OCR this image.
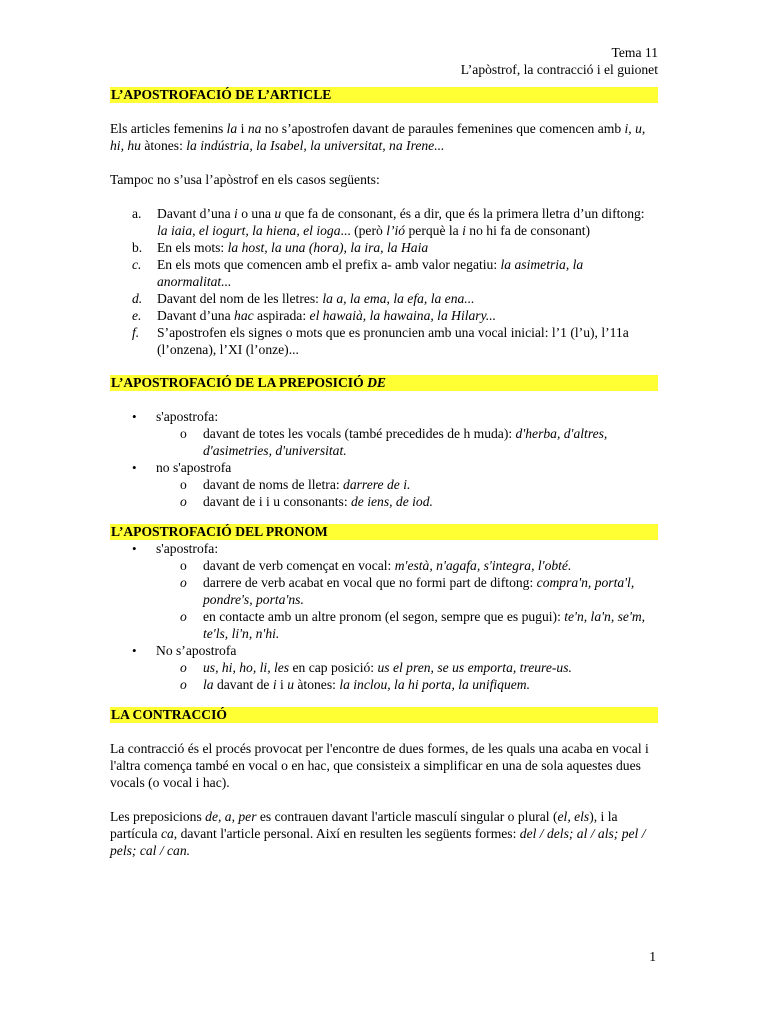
Tema 11
L’apòstrof, la contracció i el guionet
L’APOSTROFACIÓ DE L’ARTICLE

Els articles femenins la i na no s’apostrofen davant de paraules femenines que comencen amb i, u, hi, hu àtones: la indústria, la Isabel, la universitat, na Irene...

Tampoc no s’usa l’apòstrof en els casos següents:

a. Davant d’una i o una u que fa de consonant, és a dir, que és la primera lletra d’un diftong: la iaia, el iogurt, la hiena, el ioga... (però l’ió perquè la i no hi fa de consonant)
b. En els mots: la host, la una (hora), la ira, la Haia
c. En els mots que comencen amb el prefix a- amb valor negatiu: la asimetria, la anormalitat...
d. Davant del nom de les lletres: la a, la ema, la efa, la ena...
e. Davant d’una hac aspirada: el hawaià, la hawaina, la Hilary...
f. S’apostrofen els signes o mots que es pronuncien amb una vocal inicial: l’1 (l’u), l’11a (l’onzena), l’XI (l’onze)...
L’APOSTROFACIÓ DE LA PREPOSICIÓ DE
• s'apostrofa:
o davant de totes les vocals (també precedides de h muda): d'herba, d'altres, d'asimetries, d'universitat.
• no s'apostrofa
o davant de noms de lletra: darrere de i.
o davant de i i u consonants: de iens, de iod.
L’APOSTROFACIÓ DEL PRONOM
• s'apostrofa:
o davant de verb començat en vocal: m'està, n'agafa, s'integra, l'obté.
o darrere de verb acabat en vocal que no formi part de diftong: compra'n, porta'l, pondre's, porta'ns.
o en contacte amb un altre pronom (el segon, sempre que es pugui): te'n, la'n, se'm, te'ls, li'n, n'hi.
• No s’apostrofa
o us, hi, ho, li, les en cap posició: us el pren, se us emporta, treure-us.
o la davant de i i u àtones: la inclou, la hi porta, la unifiquem.
LA CONTRACCIÓ

La contracció és el procés provocat per l'encontre de dues formes, de les quals una acaba en vocal i l'altra comença també en vocal o en hac, que consisteix a simplificar en una de sola aquestes dues vocals (o vocal i hac).

Les preposicions de, a, per es contrauen davant l'article masculí singular o plural (el, els), i la partícula ca, davant l'article personal. Així en resulten les següents formes: del / dels; al / als; pel / pels; cal / can.

1
